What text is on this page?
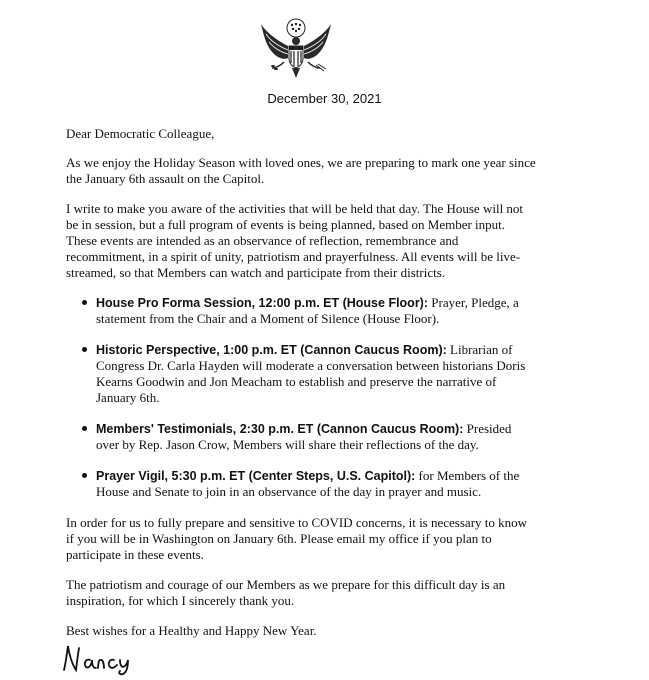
December 30, 2021

Dear Democratic Colleague,

As we enjoy the Holiday Season with loved ones, we are preparing to mark one year since the January 6th assault on the Capitol.

I write to make you aware of the activities that will be held that day. The House will not be in session, but a full program of events is being planned, based on Member input. These events are intended as an observance of reflection, remembrance and recommitment, in a spirit of unity, patriotism and prayerfulness. All events will be live-streamed, so that Members can watch and participate from their districts.

House Pro Forma Session, 12:00 p.m. ET (House Floor): Prayer, Pledge, a statement from the Chair and a Moment of Silence (House Floor).
Historic Perspective, 1:00 p.m. ET (Cannon Caucus Room): Librarian of Congress Dr. Carla Hayden will moderate a conversation between historians Doris Kearns Goodwin and Jon Meacham to establish and preserve the narrative of January 6th.
Members' Testimonials, 2:30 p.m. ET (Cannon Caucus Room): Presided over by Rep. Jason Crow, Members will share their reflections of the day.
Prayer Vigil, 5:30 p.m. ET (Center Steps, U.S. Capitol): for Members of the House and Senate to join in an observance of the day in prayer and music.

In order for us to fully prepare and sensitive to COVID concerns, it is necessary to know if you will be in Washington on January 6th. Please email my office if you plan to participate in these events.

The patriotism and courage of our Members as we prepare for this difficult day is an inspiration, for which I sincerely thank you.

Best wishes for a Healthy and Happy New Year.
